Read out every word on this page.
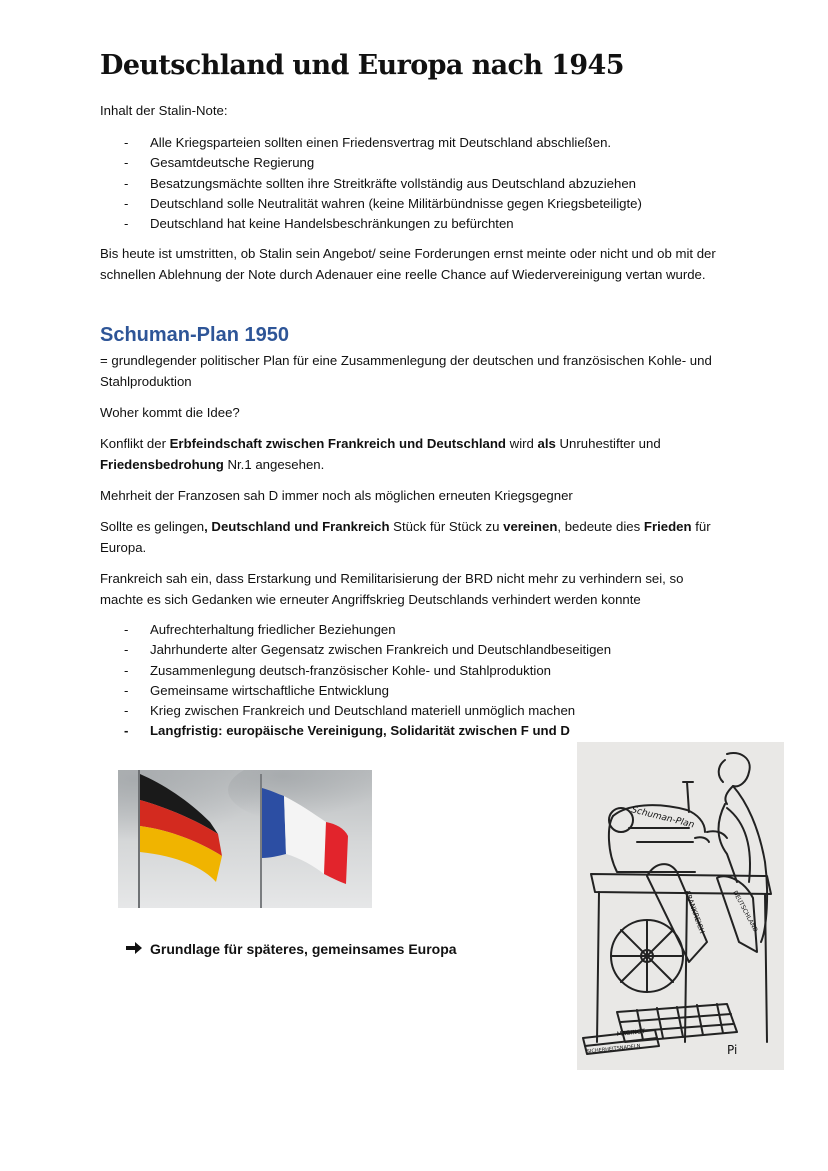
Deutschland und Europa nach 1945

Inhalt der Stalin-Note:

- Alle Kriegsparteien sollten einen Friedensvertrag mit Deutschland abschließen.
- Gesamtdeutsche Regierung
- Besatzungsmächte sollten ihre Streitkräfte vollständig aus Deutschland abzuziehen
- Deutschland solle Neutralität wahren (keine Militärbündnisse gegen Kriegsbeteiligte)
- Deutschland hat keine Handelsbeschränkungen zu befürchten

Bis heute ist umstritten, ob Stalin sein Angebot/ seine Forderungen ernst meinte oder nicht und ob mit der schnellen Ablehnung der Note durch Adenauer eine reelle Chance auf Wiedervereinigung vertan wurde.

Schuman-Plan 1950

= grundlegender politischer Plan für eine Zusammenlegung der deutschen und französischen Kohle- und Stahlproduktion

Woher kommt die Idee?

Konflikt der Erbfeindschaft zwischen Frankreich und Deutschland wird als Unruhestifter und Friedensbedrohung Nr.1 angesehen.

Mehrheit der Franzosen sah D immer noch als möglichen erneuten Kriegsgegner

Sollte es gelingen, Deutschland und Frankreich Stück für Stück zu vereinen, bedeute dies Frieden für Europa.

Frankreich sah ein, dass Erstarkung und Remilitarisierung der BRD nicht mehr zu verhindern sei, so machte es sich Gedanken wie erneuter Angriffskrieg Deutschlands verhindert werden konnte

- Aufrechterhaltung friedlicher Beziehungen
- Jahrhunderte alter Gegensatz zwischen Frankreich und Deutschlandbeseitigen
- Zusammenlegung deutsch-französischer Kohle- und Stahlproduktion
- Gemeinsame wirtschaftliche Entwicklung
- Krieg zwischen Frankreich und Deutschland materiell unmöglich machen
- Langfristig: europäische Vereinigung, Solidarität zwischen F und D
Grundlage für späteres, gemeinsames Europa
Schuman-Plan
FRANKREICH	DEUTSCHLAND
MAGINOT
SICHERHEITSNADELN	Pi
